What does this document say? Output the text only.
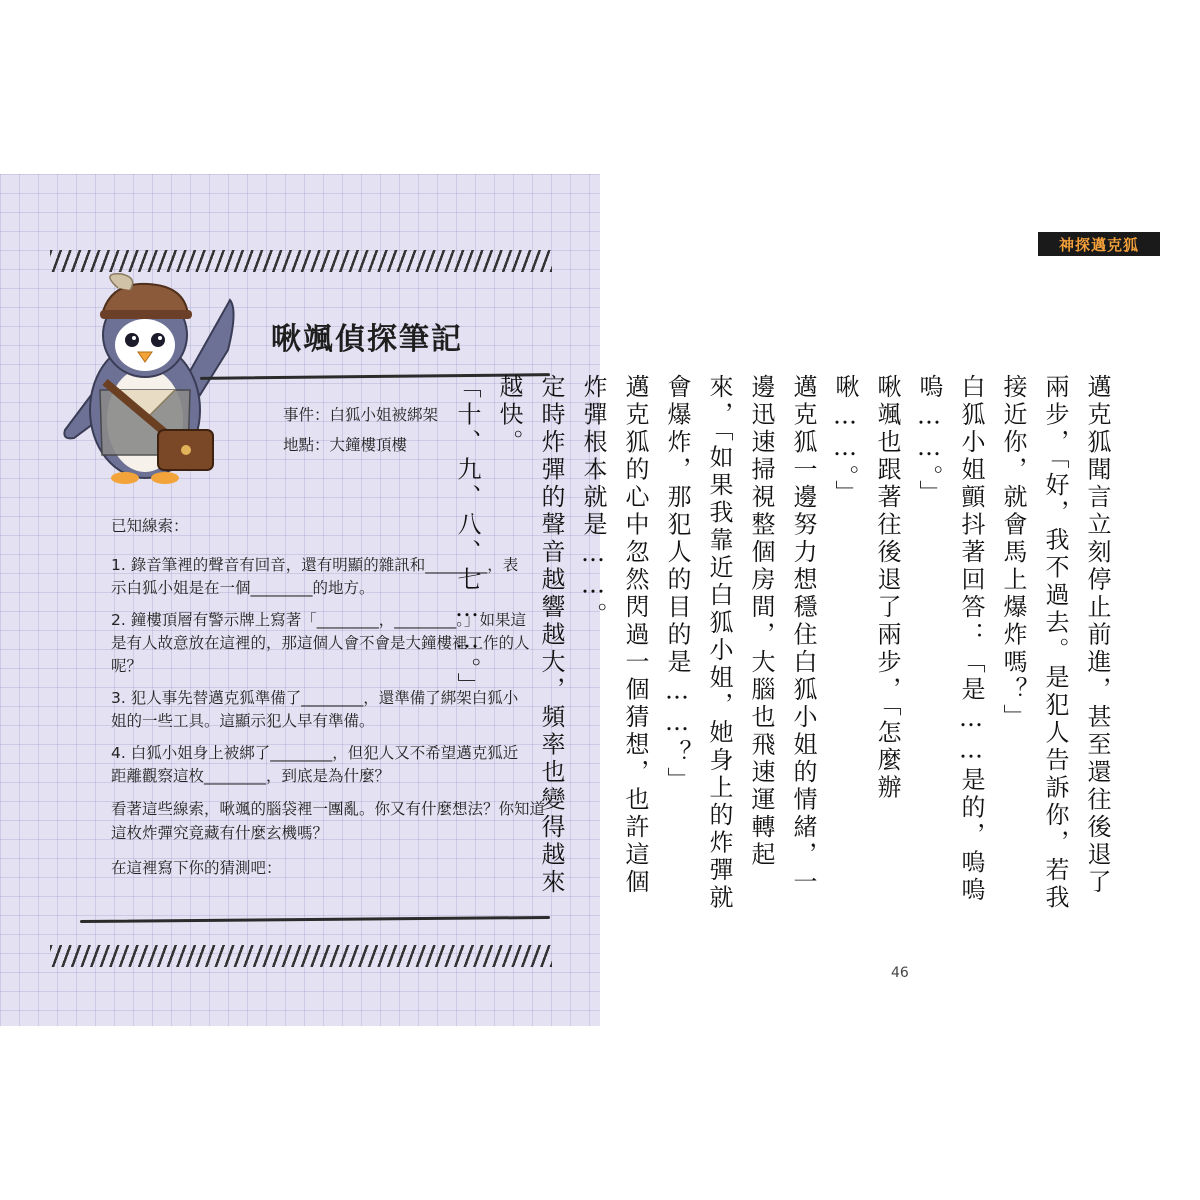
啾颯偵探筆記
事件：白狐小姐被綁架
地點：大鐘樓頂樓
已知線索：
1. 錄音筆裡的聲音有回音，還有明顯的雜訊和________，表示白狐小姐是在一個________的地方。
2. 鐘樓頂層有警示牌上寫著「________，________。」如果這是有人故意放在這裡的，那這個人會不會是大鐘樓裡工作的人呢？
3. 犯人事先替邁克狐準備了________，還準備了綁架白狐小姐的一些工具。這顯示犯人早有準備。
4. 白狐小姐身上被綁了________，但犯人又不希望邁克狐近距離觀察這枚________，到底是為什麼？
看著這些線索，啾颯的腦袋裡一團亂。你又有什麼想法？你知道這枚炸彈究竟藏有什麼玄機嗎？
在這裡寫下你的猜測吧：
神探邁克狐

邁克狐聞言立刻停止前進，甚至還往後退了兩步，「好，我不過去。是犯人告訴你，若我接近你，就會馬上爆炸嗎？」

白狐小姐顫抖著回答：「是……是的，嗚嗚嗚……。」

啾颯也跟著往後退了兩步，「怎麼辦啾……。」

邁克狐一邊努力想穩住白狐小姐的情緒，一邊迅速掃視整個房間，大腦也飛速運轉起來，「如果我靠近白狐小姐，她身上的炸彈就會爆炸，那犯人的目的是……？」

邁克狐的心中忽然閃過一個猜想，也許這個炸彈根本就是……。

定時炸彈的聲音越響越大，頻率也變得越來越快。

「十、九、八、七……。」

46
